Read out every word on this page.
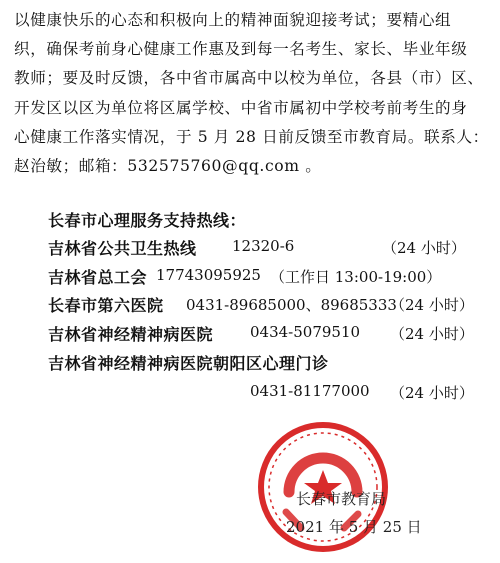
以健康快乐的心态和积极向上的精神面貌迎接考试；要精心组
织，确保考前身心健康工作惠及到每一名考生、家长、毕业年级
教师；要及时反馈，各中省市属高中以校为单位，各县（市）区、
开发区以区为单位将区属学校、中省市属初中学校考前考生的身
心健康工作落实情况，于 5 月 28 日前反馈至市教育局。联系人：
赵治敏；邮箱：532575760@qq.com 。
长春市心理服务支持热线：
吉林省公共卫生热线 12320-6	（24 小时）
吉林省总工会 17743095925 （工作日 13:00-19:00）
长春市第六医院 0431-89685000、89685333
（24 小时）
吉林省神经精神病医院 0434-5079510 （24 小时）
吉林省神经精神病医院朝阳区心理门诊
0431-81177000 （24 小时）
长春市教育局
2021 年 5 月 25 日
